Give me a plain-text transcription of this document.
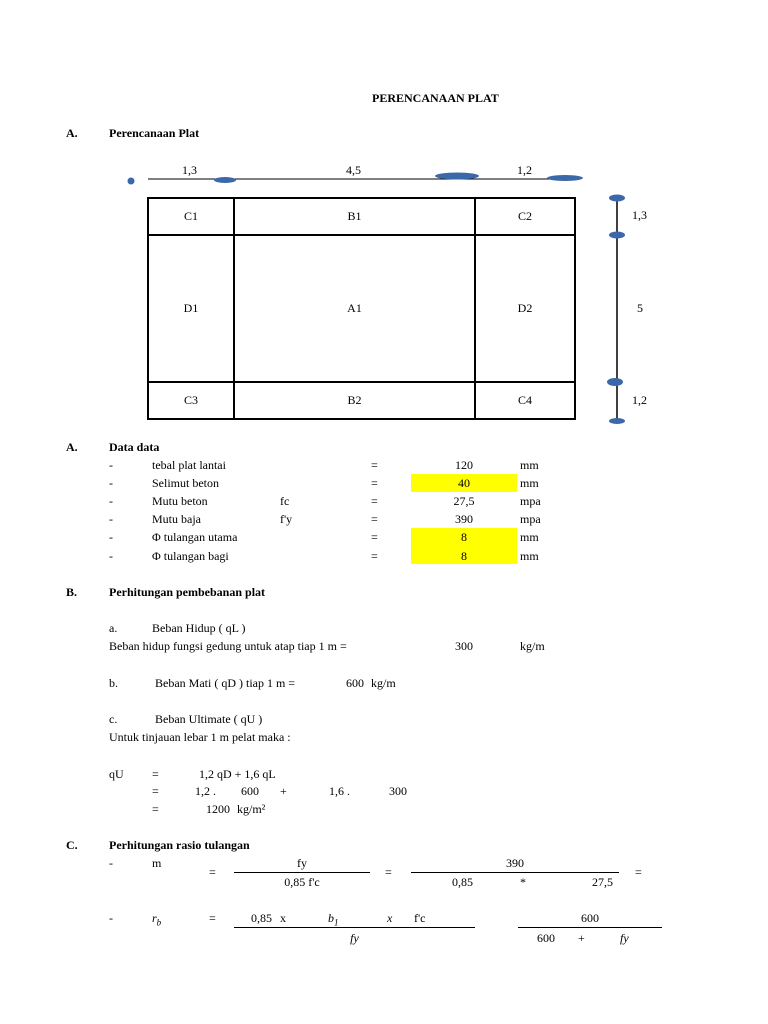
PERENCANAAN PLAT
A.	Perencanaan Plat
1,3	4,5	1,2
1,3
5
1,2
C1	B1	C2
D1	A1	D2
C3	B2	C4
A.	Data data
-	tebal plat lantai	=	120	mm
-	Selimut beton	=	40	mm
-	Mutu beton	fc	=	27,5	mpa
-	Mutu baja	f'y	=	390	mpa
-	Φ tulangan utama	=	8	mm
-	Φ tulangan bagi	=	8	mm
B.	Perhitungan pembebanan plat
a.	Beban Hidup ( qL )
Beban hidup fungsi gedung untuk atap tiap 1 m =	300	kg/m
b.	Beban Mati ( qD ) tiap 1 m =	600 kg/m
c.	Beban Ultimate ( qU )
Untuk tinjauan lebar 1 m pelat maka :
qU =	1,2 qD + 1,6 qL
=	1,2 . 600 +	1,6 .	300
=	1200 kg/m²
C.	Perhitungan rasio tulangan
-	m
=
fy
0,85 f'c
=
390
0,85	*	27,5
=
-	$r_b$	=	0,85 x	$b_1$	x f'c
fy
600
600 +	fy
